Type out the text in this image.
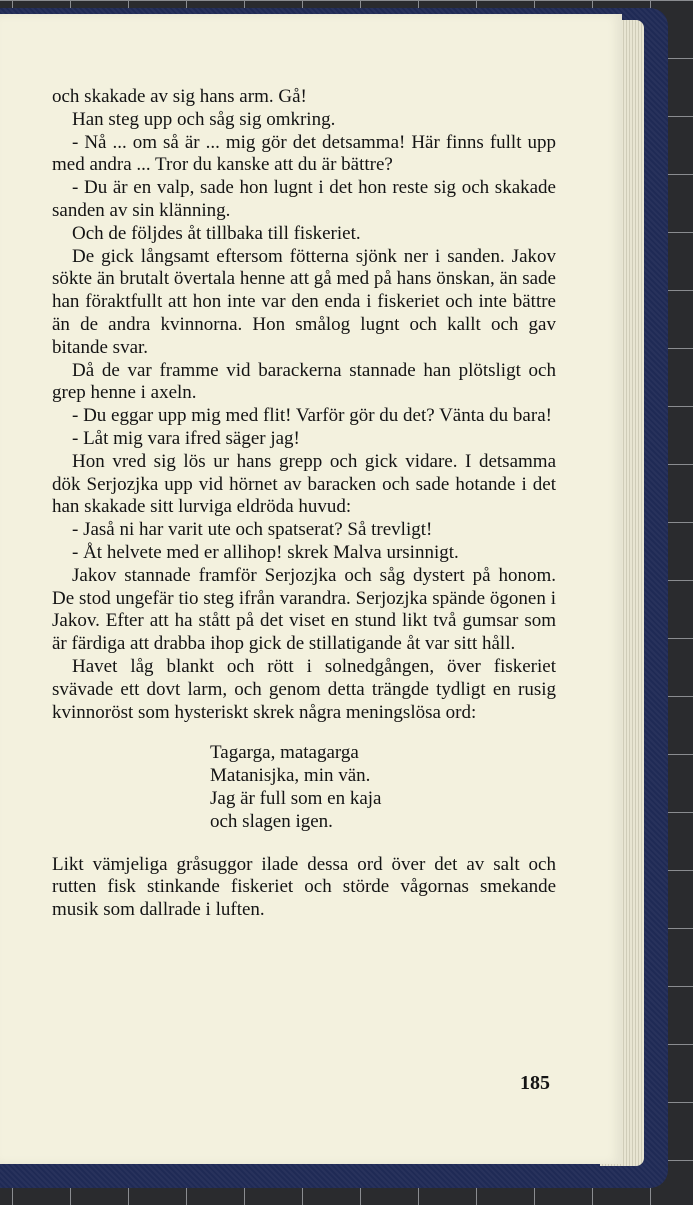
och skakade av sig hans arm. Gå!

Han steg upp och såg sig omkring.

- Nå ... om så är ... mig gör det detsamma! Här finns fullt upp med andra ... Tror du kanske att du är bättre?

- Du är en valp, sade hon lugnt i det hon reste sig och skakade sanden av sin klänning.

Och de följdes åt tillbaka till fiskeriet.

De gick långsamt eftersom fötterna sjönk ner i sanden. Jakov sökte än brutalt övertala henne att gå med på hans önskan, än sade han föraktfullt att hon inte var den enda i fiskeriet och inte bättre än de andra kvinnorna. Hon smålog lugnt och kallt och gav bitande svar.

Då de var framme vid barackerna stannade han plötsligt och grep henne i axeln.

- Du eggar upp mig med flit! Varför gör du det? Vänta du bara!

- Låt mig vara ifred säger jag!

Hon vred sig lös ur hans grepp och gick vidare. I detsamma dök Serjozjka upp vid hörnet av baracken och sade hotande i det han skakade sitt lurviga eldröda huvud:

- Jaså ni har varit ute och spatserat? Så trevligt!

- Åt helvete med er allihop! skrek Malva ursinnigt.

Jakov stannade framför Serjozjka och såg dystert på honom. De stod ungefär tio steg ifrån varandra. Serjozjka spände ögonen i Jakov. Efter att ha stått på det viset en stund likt två gumsar som är färdiga att drabba ihop gick de stillatigande åt var sitt håll.

Havet låg blankt och rött i solnedgången, över fiskeriet svävade ett dovt larm, och genom detta trängde tydligt en rusig kvinnoröst som hysteriskt skrek några meningslösa ord:

Tagarga, matagarga
Matanisjka, min vän.
Jag är full som en kaja
och slagen igen.

Likt vämjeliga gråsuggor ilade dessa ord över det av salt och rutten fisk stinkande fiskeriet och störde vågornas smekande musik som dallrade i luften.

185
